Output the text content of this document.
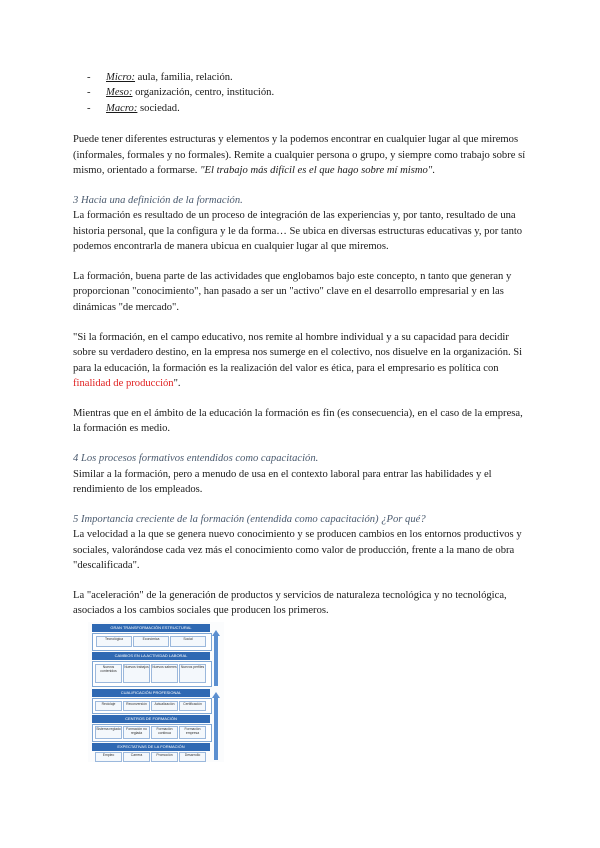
- Micro: aula, familia, relación.
- Meso: organización, centro, institución.
- Macro: sociedad.

Puede tener diferentes estructuras y elementos y la podemos encontrar en cualquier lugar al que miremos (informales, formales y no formales). Remite a cualquier persona o grupo, y siempre como trabajo sobre sí mismo, orientado a formarse. "El trabajo más difícil es el que hago sobre mí mismo".

3 Hacia una definición de la formación.

La formación es resultado de un proceso de integración de las experiencias y, por tanto, resultado de una historia personal, que la configura y le da forma… Se ubica en diversas estructuras educativas y, por tanto podemos encontrarla de manera ubicua en cualquier lugar al que miremos.

La formación, buena parte de las actividades que englobamos bajo este concepto, n tanto que generan y proporcionan "conocimiento", han pasado a ser un "activo" clave en el desarrollo empresarial y en las dinámicas "de mercado".

"Si la formación, en el campo educativo, nos remite al hombre individual y a su capacidad para decidir sobre su verdadero destino, en la empresa nos sumerge en el colectivo, nos disuelve en la organización. Si para la educación, la formación es la realización del valor es ética, para el empresario es política con finalidad de producción".

Mientras que en el ámbito de la educación la formación es fin (es consecuencia), en el caso de la empresa, la formación es medio.

4 Los procesos formativos entendidos como capacitación.

Similar a la formación, pero a menudo de usa en el contexto laboral para entrar las habilidades y el rendimiento de los empleados.

5 Importancia creciente de la formación (entendida como capacitación) ¿Por qué?

La velocidad a la que se genera nuevo conocimiento y se producen cambios en los entornos productivos y sociales, valorándose cada vez más el conocimiento como valor de producción, frente a la mano de obra "descalificada".

La "aceleración" de la generación de productos y servicios de naturaleza tecnológica y no tecnológica, asociados a los cambios sociales que producen los primeros.

GRAN TRANSFORMACIÓN ESTRUCTURAL
Tecnológica	Económica	Social
CAMBIOS EN LA ACTIVIDAD LABORAL
Nuevos contenidos
Nuevos trabajos	Nuevos saberes	Nuevos perfiles
CUALIFICACIÓN PROFESIONAL
Reciclaje	Reconversión	Actualización	Certificación
CENTROS DE FORMACIÓN
Sistema reglado	Formación no reglada
Formación continua
Formación empresa
EXPECTATIVAS DE LA FORMACIÓN
Empleo	Carrera	Promoción	Desarrollo
